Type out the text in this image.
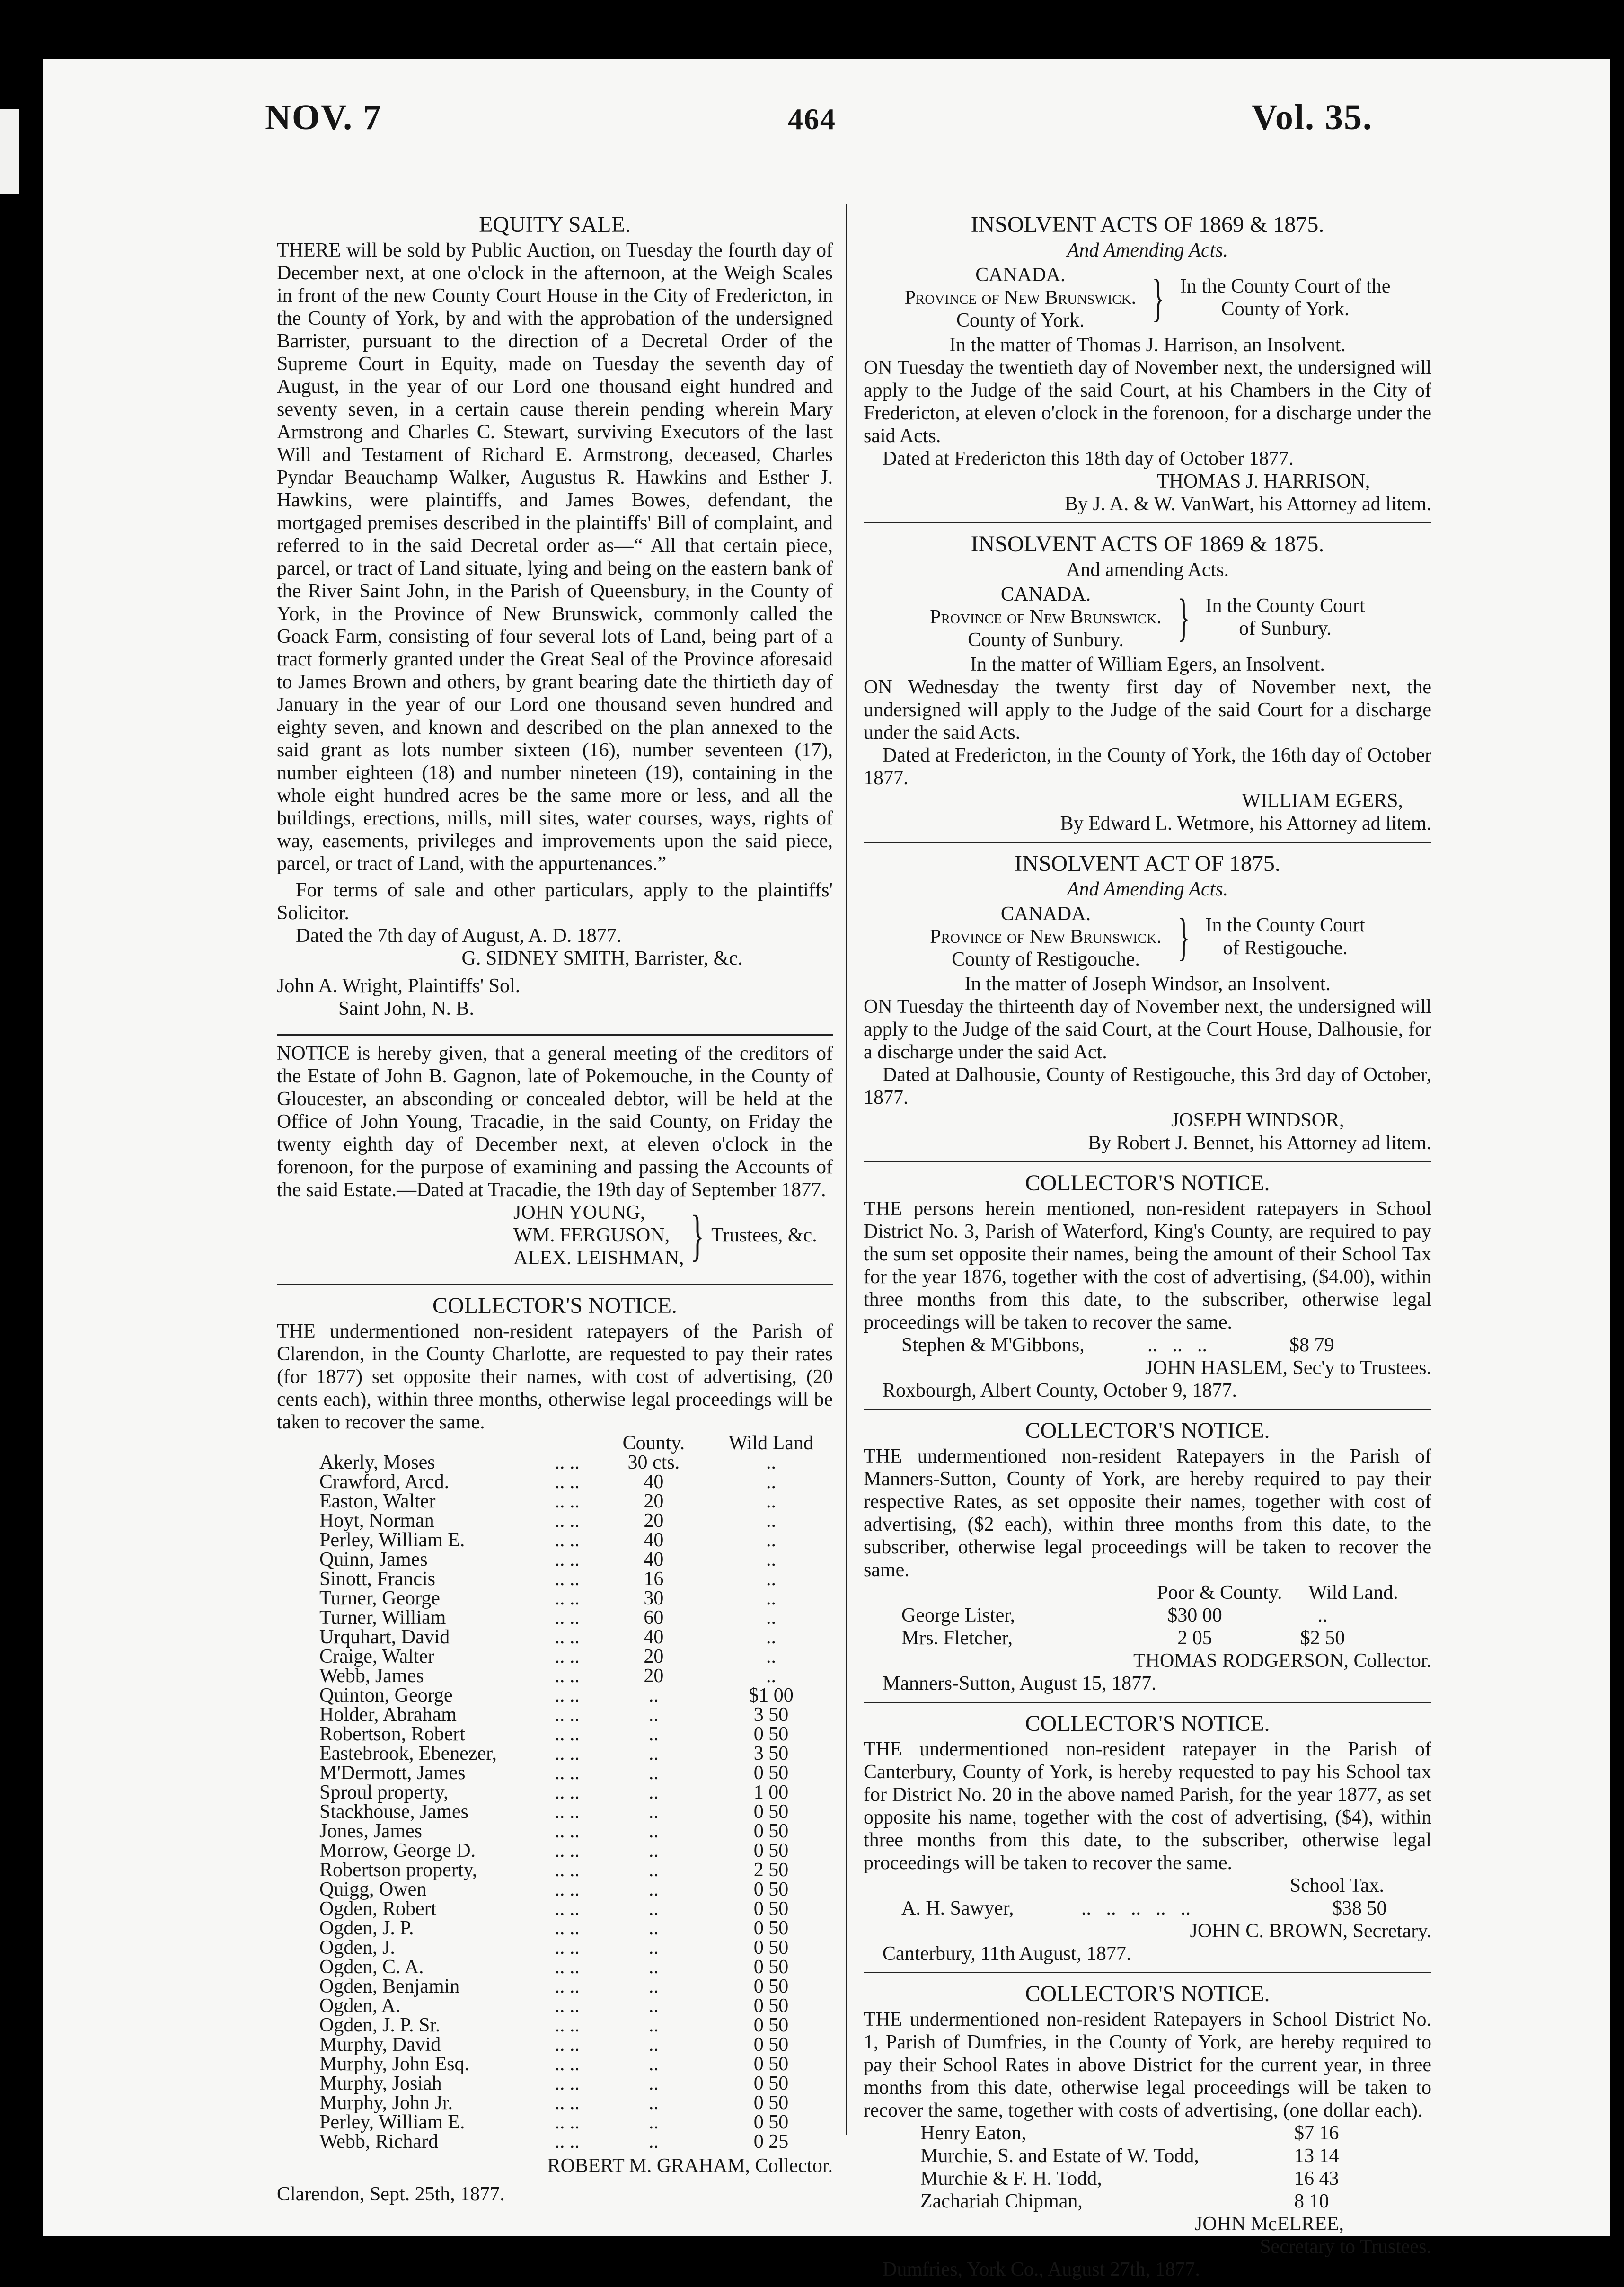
NOV. 7	464	Vol. 35.
EQUITY SALE.

THERE will be sold by Public Auction, on Tuesday the fourth day of December next, at one o'clock in the afternoon, at the Weigh Scales in front of the new County Court House in the City of Fredericton, in the County of York, by and with the approbation of the undersigned Barrister, pursuant to the direction of a Decretal Order of the Supreme Court in Equity, made on Tuesday the seventh day of August, in the year of our Lord one thousand eight hundred and seventy seven, in a certain cause therein pending wherein Mary Armstrong and Charles C. Stewart, surviving Executors of the last Will and Testament of Richard E. Armstrong, deceased, Charles Pyndar Beauchamp Walker, Augustus R. Hawkins and Esther J. Hawkins, were plaintiffs, and James Bowes, defendant, the mortgaged premises described in the plaintiffs' Bill of complaint, and referred to in the said Decretal order as—“ All that certain piece, parcel, or tract of Land situate, lying and being on the eastern bank of the River Saint John, in the Parish of Queensbury, in the County of York, in the Province of New Brunswick, commonly called the Goack Farm, consisting of four several lots of Land, being part of a tract formerly granted under the Great Seal of the Province aforesaid to James Brown and others, by grant bearing date the thirtieth day of January in the year of our Lord one thousand seven hundred and eighty seven, and known and described on the plan annexed to the said grant as lots number sixteen (16), number seventeen (17), number eighteen (18) and number nineteen (19), containing in the whole eight hundred acres be the same more or less, and all the buildings, erections, mills, mill sites, water courses, ways, rights of way, easements, privileges and improvements upon the said piece, parcel, or tract of Land, with the appurtenances.”

For terms of sale and other particulars, apply to the plaintiffs' Solicitor.

Dated the 7th day of August, A. D. 1877.

G. SIDNEY SMITH, Barrister, &c.
John A. Wright, Plaintiffs' Sol.
Saint John, N. B.

NOTICE is hereby given, that a general meeting of the creditors of the Estate of John B. Gagnon, late of Pokemouche, in the County of Gloucester, an absconding or concealed debtor, will be held at the Office of John Young, Tracadie, in the said County, on Friday the twenty eighth day of December next, at eleven o'clock in the forenoon, for the purpose of examining and passing the Accounts of the said Estate.—Dated at Tracadie, the 19th day of September 1877.

JOHN YOUNG,
WM. FERGUSON,
ALEX. LEISHMAN, } Trustees, &c.
COLLECTOR'S NOTICE.

THE undermentioned non-resident ratepayers of the Parish of Clarendon, in the County Charlotte, are requested to pay their rates (for 1877) set opposite their names, with cost of advertising, (20 cents each), within three months, otherwise legal proceedings will be taken to recover the same.

		County.	Wild Land
Akerly, Moses	.. ..	30 cts.	..
Crawford, Arcd.	.. ..	40	..
Easton, Walter	.. ..	20	..
Hoyt, Norman	.. ..	20	..
Perley, William E.	.. ..	40	..
Quinn, James	.. ..	40	..
Sinott, Francis	.. ..	16	..
Turner, George	.. ..	30	..
Turner, William	.. ..	60	..
Urquhart, David	.. ..	40	..
Craige, Walter	.. ..	20	..
Webb, James	.. ..	20	..
Quinton, George	.. ..	..	$1 00
Holder, Abraham	.. ..	..	3 50
Robertson, Robert	.. ..	..	0 50
Eastebrook, Ebenezer,	.. ..	..	3 50
M'Dermott, James	.. ..	..	0 50
Sproul property,	.. ..	..	1 00
Stackhouse, James	.. ..	..	0 50
Jones, James	.. ..	..	0 50
Morrow, George D.	.. ..	..	0 50
Robertson property,	.. ..	..	2 50
Quigg, Owen	.. ..	..	0 50
Ogden, Robert	.. ..	..	0 50
Ogden, J. P.	.. ..	..	0 50
Ogden, J.	.. ..	..	0 50
Ogden, C. A.	.. ..	..	0 50
Ogden, Benjamin	.. ..	..	0 50
Ogden, A.	.. ..	..	0 50
Ogden, J. P. Sr.	.. ..	..	0 50
Murphy, David	.. ..	..	0 50
Murphy, John Esq.	.. ..	..	0 50
Murphy, Josiah	.. ..	..	0 50
Murphy, John Jr.	.. ..	..	0 50
Perley, William E.	.. ..	..	0 50
Webb, Richard	.. ..	..	0 25
ROBERT M. GRAHAM, Collector.
Clarendon, Sept. 25th, 1877.
INSOLVENT ACTS OF 1869 & 1875.
And Amending Acts.
CANADA.
Province of New Brunswick.
County of York.	} In the County Court of the
County of York.
In the matter of Thomas J. Harrison, an Insolvent.

ON Tuesday the twentieth day of November next, the undersigned will apply to the Judge of the said Court, at his Chambers in the City of Fredericton, at eleven o'clock in the forenoon, for a discharge under the said Acts.

Dated at Fredericton this 18th day of October 1877.

THOMAS J. HARRISON,
By J. A. & W. VanWart, his Attorney ad litem.
INSOLVENT ACTS OF 1869 & 1875.
And amending Acts.
CANADA.
Province of New Brunswick.
County of Sunbury.	} In the County Court
of Sunbury.
In the matter of William Egers, an Insolvent.

ON Wednesday the twenty first day of November next, the undersigned will apply to the Judge of the said Court for a discharge under the said Acts.

Dated at Fredericton, in the County of York, the 16th day of October 1877.

WILLIAM EGERS,
By Edward L. Wetmore, his Attorney ad litem.
INSOLVENT ACT OF 1875.
And Amending Acts.
CANADA.
Province of New Brunswick.
County of Restigouche. } In the County Court
of Restigouche.
In the matter of Joseph Windsor, an Insolvent.

ON Tuesday the thirteenth day of November next, the undersigned will apply to the Judge of the said Court, at the Court House, Dalhousie, for a discharge under the said Act.

Dated at Dalhousie, County of Restigouche, this 3rd day of October, 1877.

JOSEPH WINDSOR,
By Robert J. Bennet, his Attorney ad litem.
COLLECTOR'S NOTICE.

THE persons herein mentioned, non-resident ratepayers in School District No. 3, Parish of Waterford, King's County, are required to pay the sum set opposite their names, being the amount of their School Tax for the year 1876, together with the cost of advertising, ($4.00), within three months from this date, to the subscriber, otherwise legal proceedings will be taken to recover the same.

Stephen & M'Gibbons,	..   ..   ..	$8 79
JOHN HASLEM, Sec'y to Trustees.
Roxbourgh, Albert County, October 9, 1877.
COLLECTOR'S NOTICE.

THE undermentioned non-resident Ratepayers in the Parish of Manners-Sutton, County of York, are hereby required to pay their respective Rates, as set opposite their names, together with cost of advertising, ($2 each), within three months from this date, to the subscriber, otherwise legal proceedings will be taken to recover the same.

Poor & County.	Wild Land.
George Lister,	$30 00	..
Mrs. Fletcher,	2 05	$2 50
THOMAS RODGERSON, Collector.
Manners-Sutton, August 15, 1877.
COLLECTOR'S NOTICE.

THE undermentioned non-resident ratepayer in the Parish of Canterbury, County of York, is hereby requested to pay his School tax for District No. 20 in the above named Parish, for the year 1877, as set opposite his name, together with the cost of advertising, ($4), within three months from this date, to the subscriber, otherwise legal proceedings will be taken to recover the same.

School Tax.
A. H. Sawyer,	..   ..   ..   ..   ..	$38 50
JOHN C. BROWN, Secretary.
Canterbury, 11th August, 1877.
COLLECTOR'S NOTICE.

THE undermentioned non-resident Ratepayers in School District No. 1, Parish of Dumfries, in the County of York, are hereby required to pay their School Rates in above District for the current year, in three months from this date, otherwise legal proceedings will be taken to recover the same, together with costs of advertising, (one dollar each).

Henry Eaton,	$7 16
Murchie, S. and Estate of W. Todd,	13 14
Murchie & F. H. Todd,	16 43
Zachariah Chipman,	8 10
JOHN McELREE,
Secretary to Trustees.
Dumfries, York Co., August 27th, 1877.
